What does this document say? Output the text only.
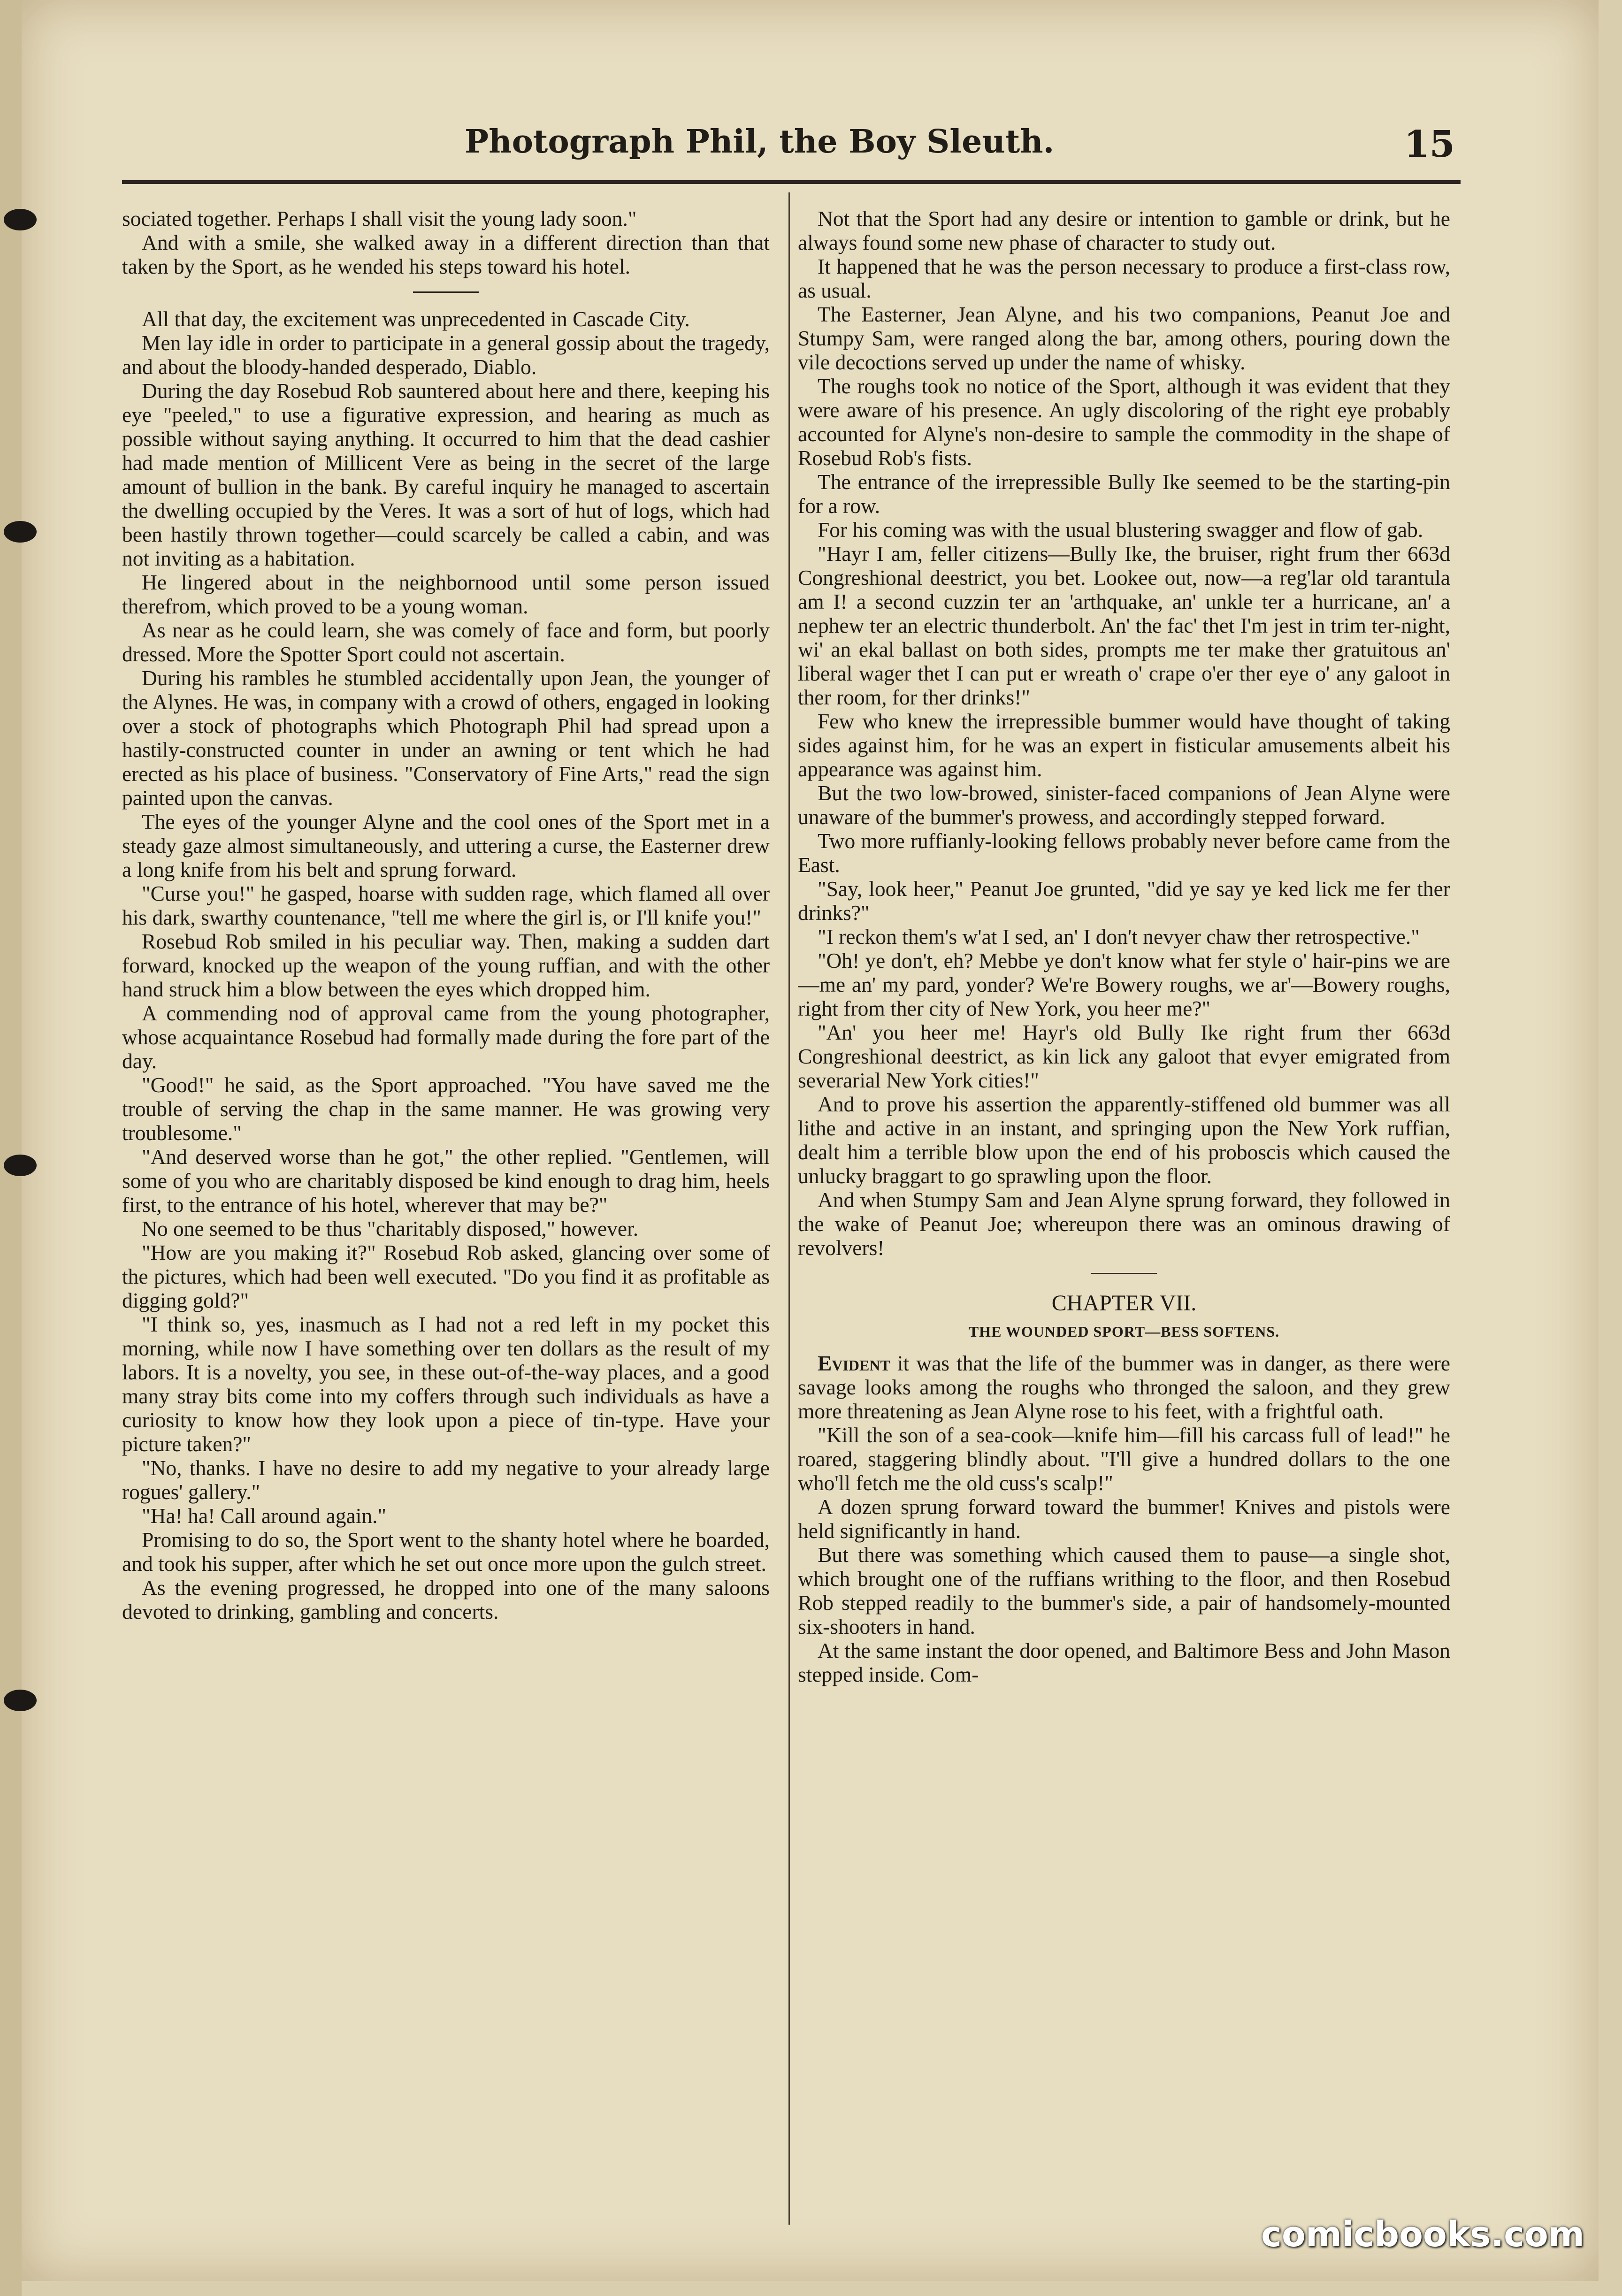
Photograph Phil, the Boy Sleuth.	15

sociated together. Perhaps I shall visit the young lady soon."

And with a smile, she walked away in a different direction than that taken by the Sport, as he wended his steps toward his hotel.

All that day, the excitement was unprecedented in Cascade City.

Men lay idle in order to participate in a general gossip about the tragedy, and about the bloody-handed desperado, Diablo.

During the day Rosebud Rob sauntered about here and there, keeping his eye "peeled," to use a figurative expression, and hearing as much as possible without saying anything. It occurred to him that the dead cashier had made mention of Millicent Vere as being in the secret of the large amount of bullion in the bank. By careful inquiry he managed to ascertain the dwelling occupied by the Veres. It was a sort of hut of logs, which had been hastily thrown together—could scarcely be called a cabin, and was not inviting as a habitation.

He lingered about in the neighbornood until some person issued therefrom, which proved to be a young woman.

As near as he could learn, she was comely of face and form, but poorly dressed. More the Spotter Sport could not ascertain.

During his rambles he stumbled accidentally upon Jean, the younger of the Alynes. He was, in company with a crowd of others, engaged in looking over a stock of photographs which Photograph Phil had spread upon a hastily-constructed counter in under an awning or tent which he had erected as his place of business. "Conservatory of Fine Arts," read the sign painted upon the canvas.

The eyes of the younger Alyne and the cool ones of the Sport met in a steady gaze almost simultaneously, and uttering a curse, the Easterner drew a long knife from his belt and sprung forward.

"Curse you!" he gasped, hoarse with sudden rage, which flamed all over his dark, swarthy countenance, "tell me where the girl is, or I'll knife you!"

Rosebud Rob smiled in his peculiar way. Then, making a sudden dart forward, knocked up the weapon of the young ruffian, and with the other hand struck him a blow between the eyes which dropped him.

A commending nod of approval came from the young photographer, whose acquaintance Rosebud had formally made during the fore part of the day.

"Good!" he said, as the Sport approached. "You have saved me the trouble of serving the chap in the same manner. He was growing very troublesome."

"And deserved worse than he got," the other replied. "Gentlemen, will some of you who are charitably disposed be kind enough to drag him, heels first, to the entrance of his hotel, wherever that may be?"

No one seemed to be thus "charitably disposed," however.

"How are you making it?" Rosebud Rob asked, glancing over some of the pictures, which had been well executed. "Do you find it as profitable as digging gold?"

"I think so, yes, inasmuch as I had not a red left in my pocket this morning, while now I have something over ten dollars as the result of my labors. It is a novelty, you see, in these out-of-the-way places, and a good many stray bits come into my coffers through such individuals as have a curiosity to know how they look upon a piece of tin-type. Have your picture taken?"

"No, thanks. I have no desire to add my negative to your already large rogues' gallery."

"Ha! ha! Call around again."

Promising to do so, the Sport went to the shanty hotel where he boarded, and took his supper, after which he set out once more upon the gulch street.

As the evening progressed, he dropped into one of the many saloons devoted to drinking, gambling and concerts.

Not that the Sport had any desire or intention to gamble or drink, but he always found some new phase of character to study out.

It happened that he was the person necessary to produce a first-class row, as usual.

The Easterner, Jean Alyne, and his two companions, Peanut Joe and Stumpy Sam, were ranged along the bar, among others, pouring down the vile decoctions served up under the name of whisky.

The roughs took no notice of the Sport, although it was evident that they were aware of his presence. An ugly discoloring of the right eye probably accounted for Alyne's non-desire to sample the commodity in the shape of Rosebud Rob's fists.

The entrance of the irrepressible Bully Ike seemed to be the starting-pin for a row.

For his coming was with the usual blustering swagger and flow of gab.

"Hayr I am, feller citizens—Bully Ike, the bruiser, right frum ther 663d Congreshional deestrict, you bet. Lookee out, now—a reg'lar old tarantula am I! a second cuzzin ter an 'arthquake, an' unkle ter a hurricane, an' a nephew ter an electric thunderbolt. An' the fac' thet I'm jest in trim ter-night, wi' an ekal ballast on both sides, prompts me ter make ther gratuitous an' liberal wager thet I can put er wreath o' crape o'er ther eye o' any galoot in ther room, for ther drinks!"

Few who knew the irrepressible bummer would have thought of taking sides against him, for he was an expert in fisticular amusements albeit his appearance was against him.

But the two low-browed, sinister-faced companions of Jean Alyne were unaware of the bummer's prowess, and accordingly stepped forward.

Two more ruffianly-looking fellows probably never before came from the East.

"Say, look heer," Peanut Joe grunted, "did ye say ye ked lick me fer ther drinks?"

"I reckon them's w'at I sed, an' I don't nevyer chaw ther retrospective."

"Oh! ye don't, eh? Mebbe ye don't know what fer style o' hair-pins we are—me an' my pard, yonder? We're Bowery roughs, we ar'—Bowery roughs, right from ther city of New York, you heer me?"

"An' you heer me! Hayr's old Bully Ike right frum ther 663d Congreshional deestrict, as kin lick any galoot that evyer emigrated from severarial New York cities!"

And to prove his assertion the apparently-stiffened old bummer was all lithe and active in an instant, and springing upon the New York ruffian, dealt him a terrible blow upon the end of his proboscis which caused the unlucky braggart to go sprawling upon the floor.

And when Stumpy Sam and Jean Alyne sprung forward, they followed in the wake of Peanut Joe; whereupon there was an ominous drawing of revolvers!

CHAPTER VII.
THE WOUNDED SPORT—BESS SOFTENS.

Evident it was that the life of the bummer was in danger, as there were savage looks among the roughs who thronged the saloon, and they grew more threatening as Jean Alyne rose to his feet, with a frightful oath.

"Kill the son of a sea-cook—knife him—fill his carcass full of lead!" he roared, staggering blindly about. "I'll give a hundred dollars to the one who'll fetch me the old cuss's scalp!"

A dozen sprung forward toward the bummer! Knives and pistols were held significantly in hand.

But there was something which caused them to pause—a single shot, which brought one of the ruffians writhing to the floor, and then Rosebud Rob stepped readily to the bummer's side, a pair of handsomely-mounted six-shooters in hand.

At the same instant the door opened, and Baltimore Bess and John Mason stepped inside. Com-

comicbooks.com
